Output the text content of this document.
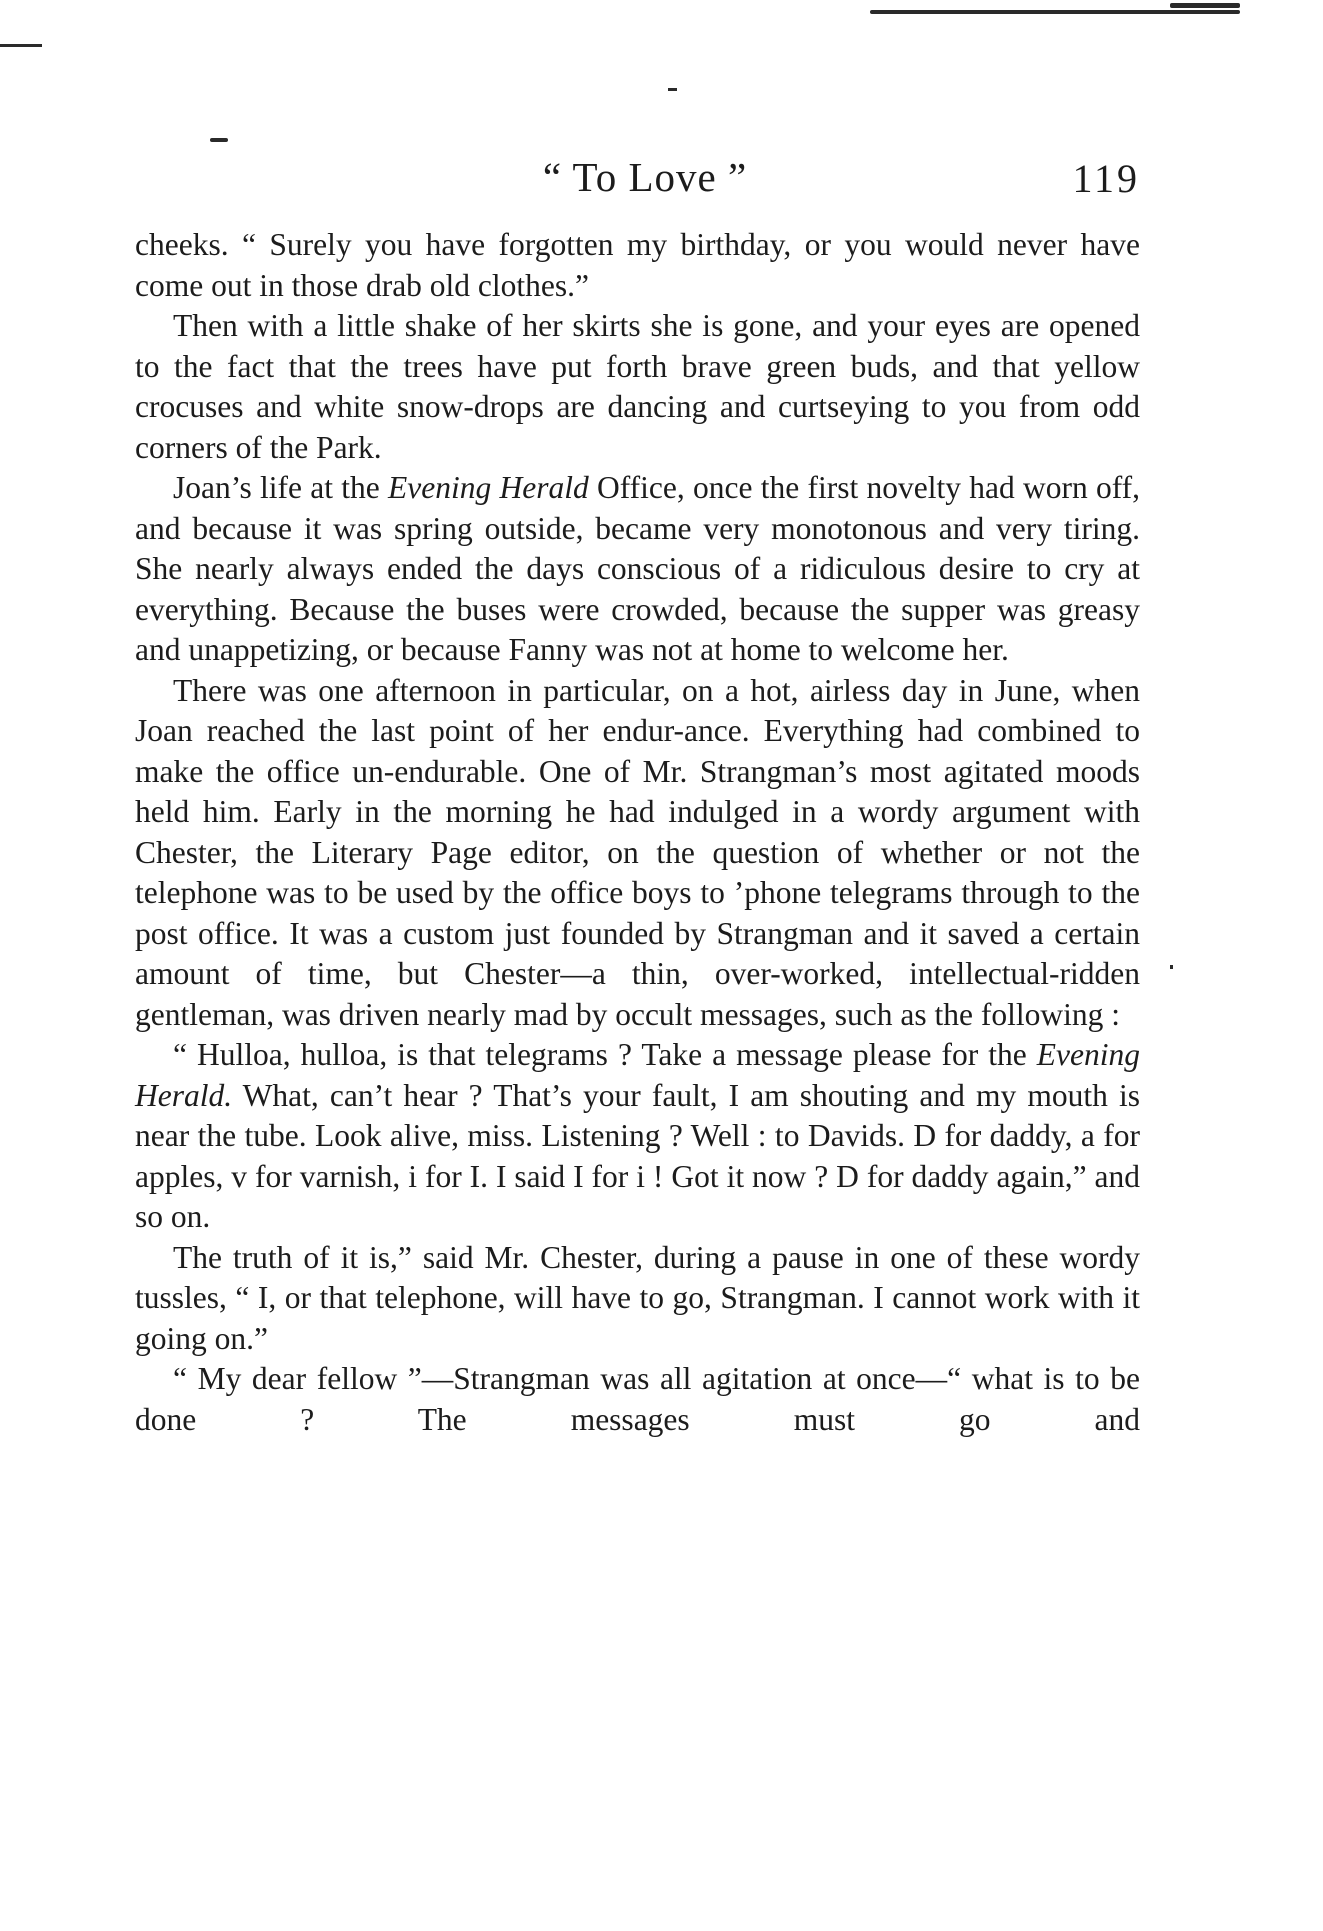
“ To Love ”	119

cheeks. “ Surely you have forgotten my birthday, or you would never have come out in those drab old clothes.”

Then with a little shake of her skirts she is gone, and your eyes are opened to the fact that the trees have put forth brave green buds, and that yellow crocuses and white snow-drops are dancing and curtseying to you from odd corners of the Park.

Joan’s life at the Evening Herald Office, once the first novelty had worn off, and because it was spring outside, became very monotonous and very tiring. She nearly always ended the days conscious of a ridiculous desire to cry at everything. Because the buses were crowded, because the supper was greasy and unappetizing, or because Fanny was not at home to welcome her.

There was one afternoon in particular, on a hot, airless day in June, when Joan reached the last point of her endur-ance. Everything had combined to make the office un-endurable. One of Mr. Strangman’s most agitated moods held him. Early in the morning he had indulged in a wordy argument with Chester, the Literary Page editor, on the question of whether or not the telephone was to be used by the office boys to ’phone telegrams through to the post office. It was a custom just founded by Strangman and it saved a certain amount of time, but Chester—a thin, over-worked, intellectual-ridden gentleman, was driven nearly mad by occult messages, such as the following :

“ Hulloa, hulloa, is that telegrams ? Take a message please for the Evening Herald. What, can’t hear ? That’s your fault, I am shouting and my mouth is near the tube. Look alive, miss. Listening ? Well : to Davids. D for daddy, a for apples, v for varnish, i for I. I said I for i ! Got it now ? D for daddy again,” and so on.

The truth of it is,” said Mr. Chester, during a pause in one of these wordy tussles, “ I, or that telephone, will have to go, Strangman. I cannot work with it going on.”

“ My dear fellow ”—Strangman was all agitation at once—“ what is to be done ? The messages must go and
